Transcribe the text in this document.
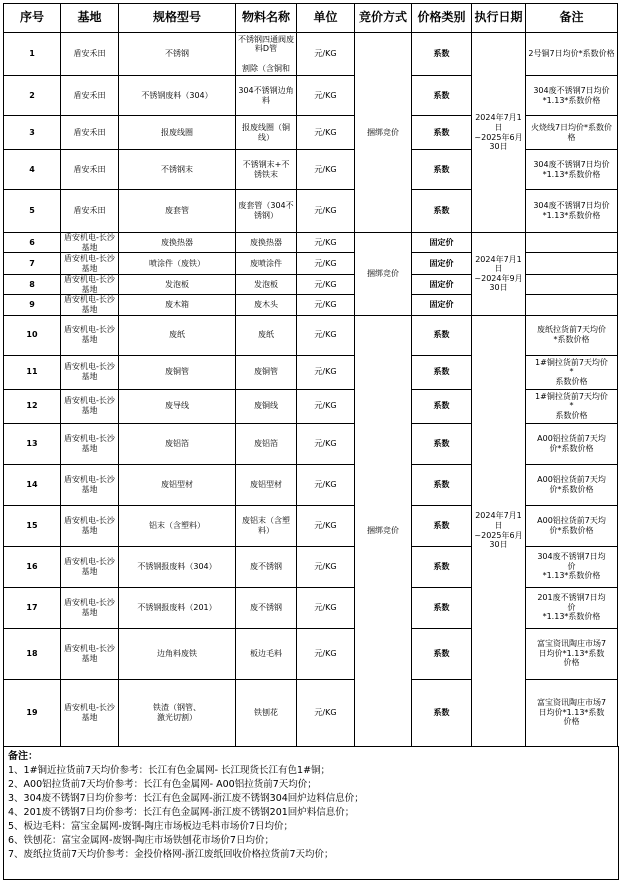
序号	基地	规格型号	物料名称	单位	竞价方式	价格类别	执行日期	备注
1	盾安禾田	不锈钢	不锈钢四通阀废料D管

割除（含铜和	元/KG	捆绑竞价	系数	2024年7月1
日
~2025年6月
30日	2号铜7日均价*系数价格
2	盾安禾田	不锈钢废料（304）	304不锈钢边角料	元/KG		系数		304废不锈钢7日均价
*1.13*系数价格
3	盾安禾田	报废线圈	报废线圈（铜线）	元/KG		系数		火烧线7日均价*系数价格
4	盾安禾田	不锈钢末	不锈钢末+不
锈铁末	元/KG		系数		304废不锈钢7日均价
*1.13*系数价格
5	盾安禾田	废套管	废套管（304不锈钢）	元/KG		系数		304废不锈钢7日均价
*1.13*系数价格
6	盾安机电-长沙基地	废换热器	废换热器	元/KG	捆绑竞价	固定价	2024年7月1
日
~2024年9月
30日	
7	盾安机电-长沙基地	喷涂件（废铁）	废喷涂件	元/KG		固定价		
8	盾安机电-长沙基地	发泡板	发泡板	元/KG		固定价		
9	盾安机电-长沙基地	废木箱	废木头	元/KG		固定价		
10	盾安机电-长沙基地	废纸	废纸	元/KG	捆绑竞价	系数	2024年7月1
日
~2025年6月
30日	废纸拉货前7天均价
*系数价格
11	盾安机电-长沙基地	废铜管	废铜管	元/KG		系数		1#铜拉货前7天均价
*
系数价格
12	盾安机电-长沙基地	废导线	废铜线	元/KG		系数		1#铜拉货前7天均价
*
系数价格
13	盾安机电-长沙基地	废铝箔	废铝箔	元/KG		系数		A00铝拉货前7天均
价*系数价格
14	盾安机电-长沙基地	废铝型材	废铝型材	元/KG		系数		A00铝拉货前7天均
价*系数价格
15	盾安机电-长沙基地	铝末（含塑料）	废铝末（含塑
料）	元/KG		系数		A00铝拉货前7天均
价*系数价格
16	盾安机电-长沙基地	不锈钢报废料（304）	废不锈钢	元/KG		系数		304废不锈钢7日均
价
*1.13*系数价格
17	盾安机电-长沙基地	不锈钢报废料（201）	废不锈钢	元/KG		系数		201废不锈钢7日均
价
*1.13*系数价格
18	盾安机电-长沙基地	边角料废铁	板边毛料	元/KG		系数		富宝资讯陶庄市场7
日均价*1.13*系数
价格
19	盾安机电-长沙基地	铁渣（钢管、
激光切割）	铁刨花	元/KG		系数		富宝资讯陶庄市场7
日均价*1.13*系数
价格
备注：
1、1#铜近拉货前7天均价参考：长江有色金属网- 长江现货长江有色1#铜；
2、A00铝拉货前7天均价参考：长江有色金属网- A00铝拉货前7天均价；
3、304废不锈钢7日均价参考：长江有色金属网-浙江废不锈钢304回炉边料信息价；
4、201废不锈钢7日均价参考：长江有色金属网-浙江废不锈钢201回炉料信息价；
5、板边毛料：富宝金属网-废钢-陶庄市场板边毛料市场价7日均价；
6、铁刨花：富宝金属网-废钢-陶庄市场铁刨花市场价7日均价；
7、废纸拉货前7天均价参考：金投价格网-浙江废纸回收价格拉货前7天均价；
